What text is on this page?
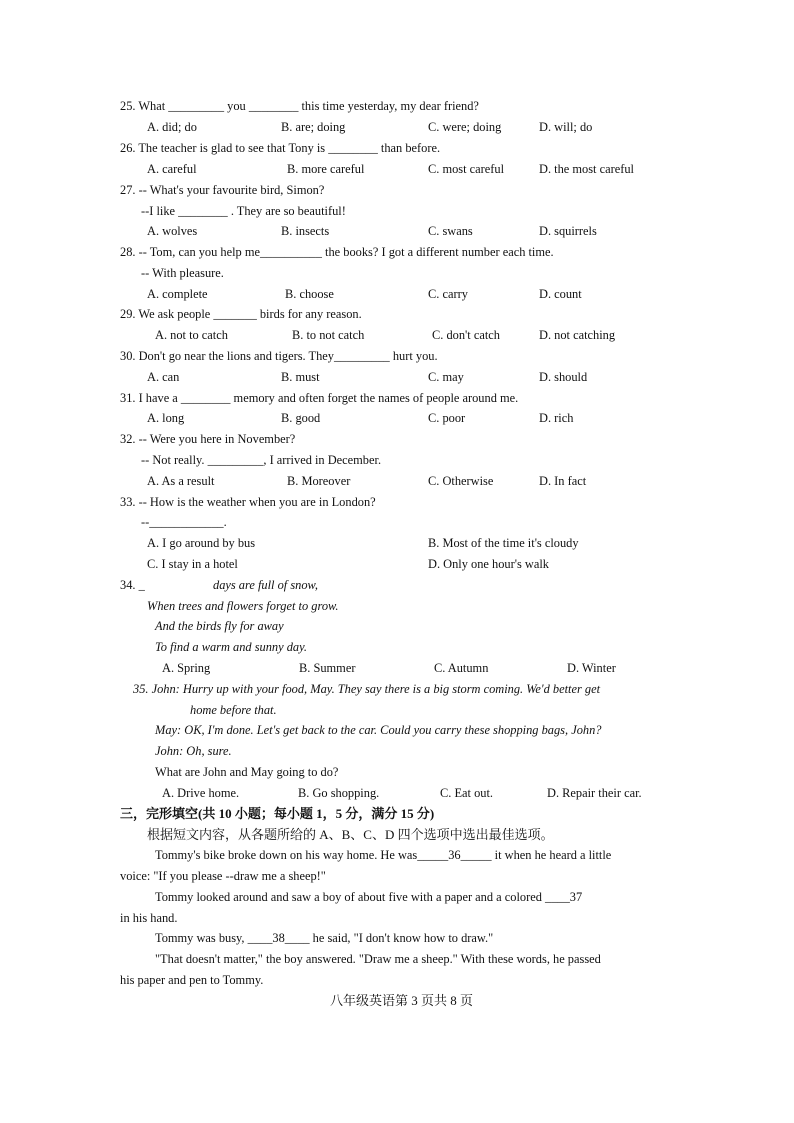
25. What _________ you ________ this time yesterday, my dear friend?
A. did; do	B. are; doing	C. were; doing	D. will; do
26. The teacher is glad to see that Tony is ________ than before.
A. careful	B. more careful	C. most careful	D. the most careful
27. -- What's your favourite bird, Simon?
--I like ________ . They are so beautiful!
A. wolves	B. insects	C. swans	D. squirrels
28. -- Tom, can you help me__________ the books? I got a different number each time.
-- With pleasure.
A. complete	B. choose	C. carry	D. count
29. We ask people _______ birds for any reason.
A. not to catch	B. to not catch	C. don't catch	D. not catching
30. Don't go near the lions and tigers. They_________ hurt you.
A. can	B. must	C. may	D. should
31. I have a ________ memory and often forget the names of people around me.
A. long	B. good	C. poor	D. rich
32. -- Were you here in November?
-- Not really. _________, I arrived in December.
A. As a result	B. Moreover	C. Otherwise	D. In fact
33. -- How is the weather when you are in London?
--____________.
A. I go around by bus	B. Most of the time it's cloudy
C. I stay in a hotel	D. Only one hour's walk
34. _	days are full of snow,
When trees and flowers forget to grow.
And the birds fly for away
To find a warm and sunny day.
A. Spring	B. Summer	C. Autumn	D. Winter
35. John: Hurry up with your food, May. They say there is a big storm coming. We'd better get
home before that.
May: OK, I'm done. Let's get back to the car. Could you carry these shopping bags, John?
John: Oh, sure.
What are John and May going to do?
A. Drive home.	B. Go shopping.	C. Eat out.	D. Repair their car.
三，完形填空(共 10 小题；每小题 1，5 分，满分 15 分)
根据短文内容，从各题所给的 A、B、C、D 四个选项中选出最佳选项。
Tommy's bike broke down on his way home. He was_____36_____ it when he heard a little
voice: "If you please --draw me a sheep!"
Tommy looked around and saw a boy of about five with a paper and a colored ____37
in his hand.
Tommy was busy, ____38____ he said, "I don't know how to draw."
"That doesn't matter," the boy answered. "Draw me a sheep." With these words, he passed
his paper and pen to Tommy.
八年级英语第 3 页共 8 页
